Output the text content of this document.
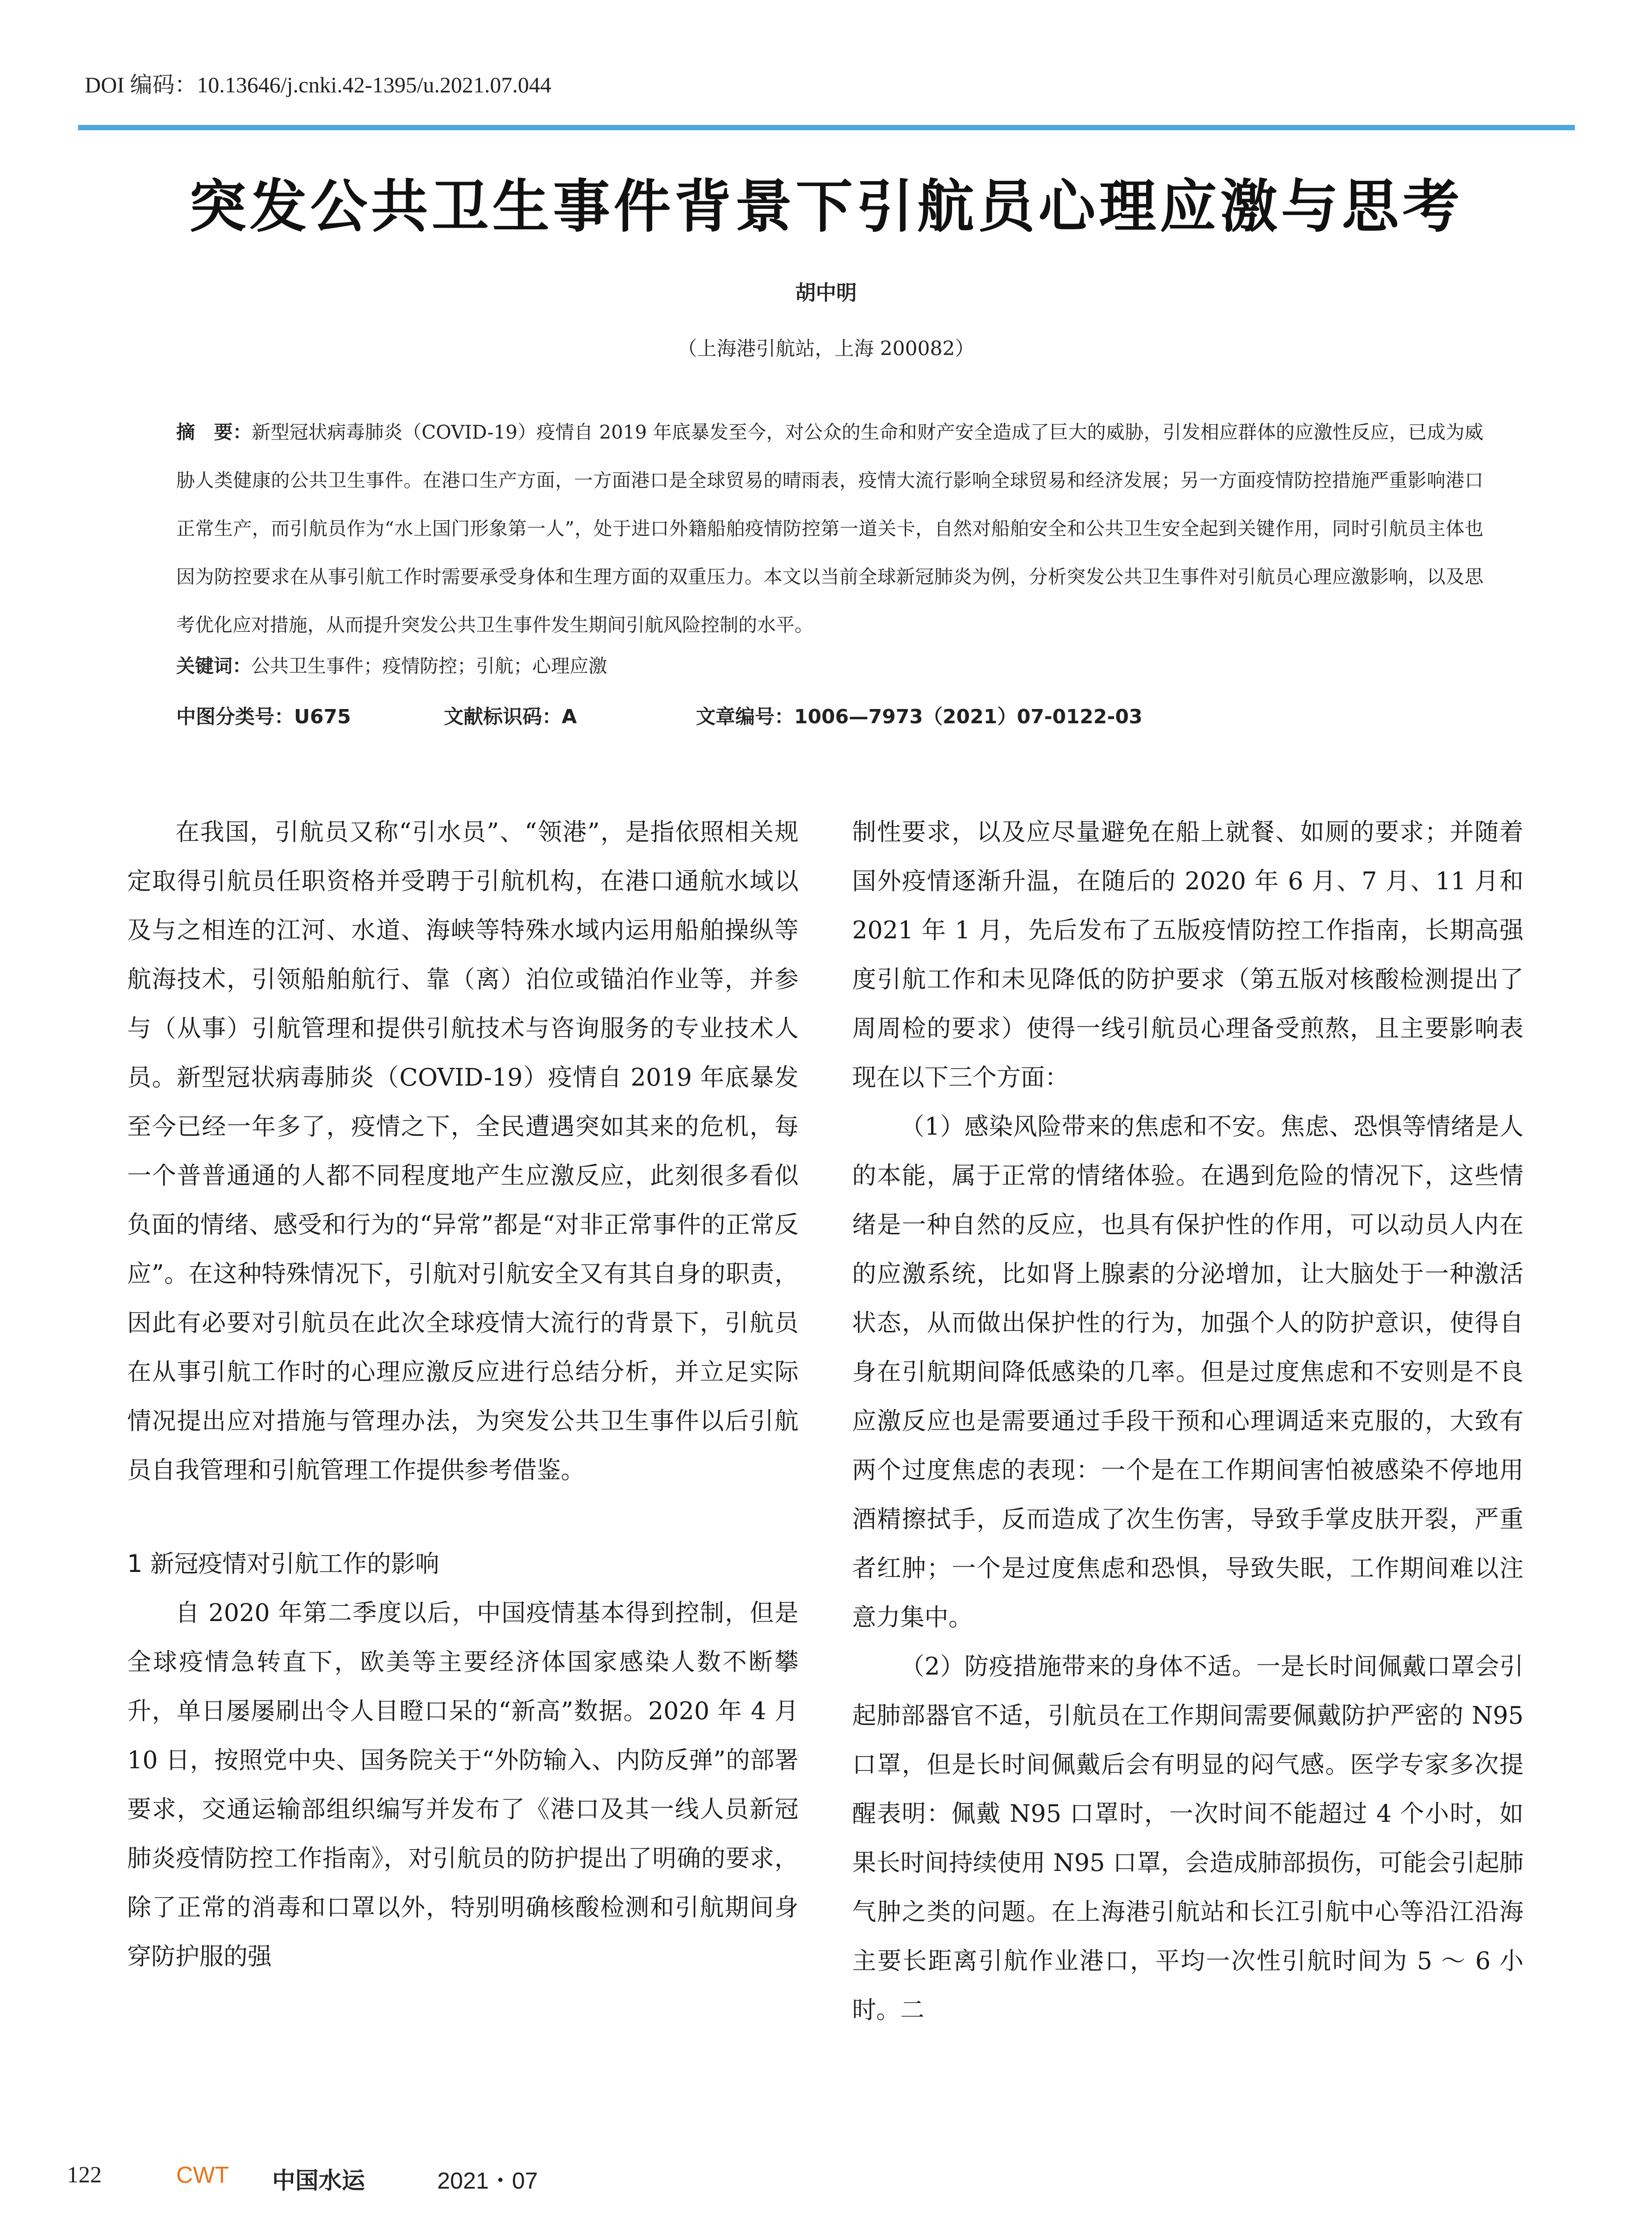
DOI 编码：10.13646/j.cnki.42-1395/u.2021.07.044
突发公共卫生事件背景下引航员心理应激与思考
胡中明
（上海港引航站，上海 200082）
摘　要：新型冠状病毒肺炎（COVID-19）疫情自 2019 年底暴发至今，对公众的生命和财产安全造成了巨大的威胁，引发相应群体的应激性反应，已成为威胁人类健康的公共卫生事件。在港口生产方面，一方面港口是全球贸易的晴雨表，疫情大流行影响全球贸易和经济发展；另一方面疫情防控措施严重影响港口正常生产，而引航员作为“水上国门形象第一人”，处于进口外籍船舶疫情防控第一道关卡，自然对船舶安全和公共卫生安全起到关键作用，同时引航员主体也因为防控要求在从事引航工作时需要承受身体和生理方面的双重压力。本文以当前全球新冠肺炎为例，分析突发公共卫生事件对引航员心理应激影响，以及思考优化应对措施，从而提升突发公共卫生事件发生期间引航风险控制的水平。
关键词：公共卫生事件；疫情防控；引航；心理应激
中图分类号：U675	文献标识码：A	文章编号：1006—7973（2021）07-0122-03

在我国，引航员又称“引水员”、“领港”，是指依照相关规定取得引航员任职资格并受聘于引航机构，在港口通航水域以及与之相连的江河、水道、海峡等特殊水域内运用船舶操纵等航海技术，引领船舶航行、靠（离）泊位或锚泊作业等，并参与（从事）引航管理和提供引航技术与咨询服务的专业技术人员。新型冠状病毒肺炎（COVID-19）疫情自 2019 年底暴发至今已经一年多了，疫情之下，全民遭遇突如其来的危机，每一个普普通通的人都不同程度地产生应激反应，此刻很多看似负面的情绪、感受和行为的“异常”都是“对非正常事件的正常反应”。在这种特殊情况下，引航对引航安全又有其自身的职责，因此有必要对引航员在此次全球疫情大流行的背景下，引航员在从事引航工作时的心理应激反应进行总结分析，并立足实际情况提出应对措施与管理办法，为突发公共卫生事件以后引航员自我管理和引航管理工作提供参考借鉴。

1 新冠疫情对引航工作的影响

自 2020 年第二季度以后，中国疫情基本得到控制，但是全球疫情急转直下，欧美等主要经济体国家感染人数不断攀升，单日屡屡刷出令人目瞪口呆的“新高”数据。2020 年 4 月 10 日，按照党中央、国务院关于“外防输入、内防反弹”的部署要求，交通运输部组织编写并发布了《港口及其一线人员新冠肺炎疫情防控工作指南》，对引航员的防护提出了明确的要求，除了正常的消毒和口罩以外，特别明确核酸检测和引航期间身穿防护服的强

制性要求，以及应尽量避免在船上就餐、如厕的要求；并随着国外疫情逐渐升温，在随后的 2020 年 6 月、7 月、11 月和 2021 年 1 月，先后发布了五版疫情防控工作指南，长期高强度引航工作和未见降低的防护要求（第五版对核酸检测提出了周周检的要求）使得一线引航员心理备受煎熬，且主要影响表现在以下三个方面：

（1）感染风险带来的焦虑和不安。焦虑、恐惧等情绪是人的本能，属于正常的情绪体验。在遇到危险的情况下，这些情绪是一种自然的反应，也具有保护性的作用，可以动员人内在的应激系统，比如肾上腺素的分泌增加，让大脑处于一种激活状态，从而做出保护性的行为，加强个人的防护意识，使得自身在引航期间降低感染的几率。但是过度焦虑和不安则是不良应激反应也是需要通过手段干预和心理调适来克服的，大致有两个过度焦虑的表现：一个是在工作期间害怕被感染不停地用酒精擦拭手，反而造成了次生伤害，导致手掌皮肤开裂，严重者红肿；一个是过度焦虑和恐惧，导致失眠，工作期间难以注意力集中。

（2）防疫措施带来的身体不适。一是长时间佩戴口罩会引起肺部器官不适，引航员在工作期间需要佩戴防护严密的 N95 口罩，但是长时间佩戴后会有明显的闷气感。医学专家多次提醒表明：佩戴 N95 口罩时，一次时间不能超过 4 个小时，如果长时间持续使用 N95 口罩，会造成肺部损伤，可能会引起肺气肿之类的问题。在上海港引航站和长江引航中心等沿江沿海主要长距离引航作业港口，平均一次性引航时间为 5 ～ 6 小时。二

122	CWT 中国水运	2021・07
